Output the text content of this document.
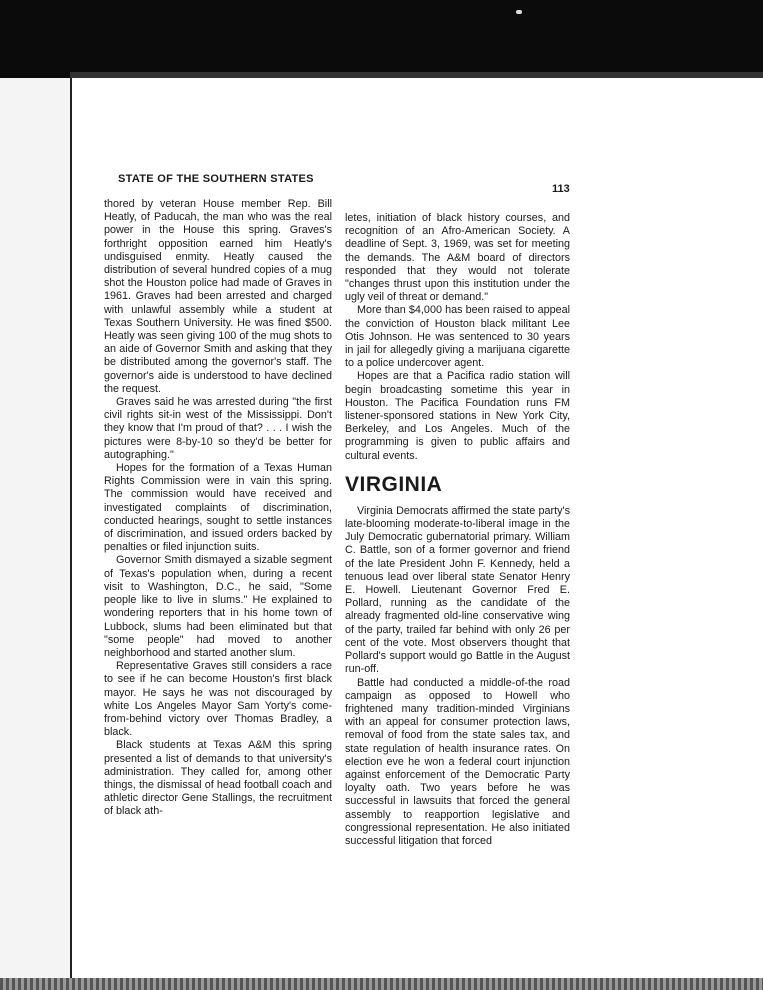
STATE OF THE SOUTHERN STATES
113

thored by veteran House member Rep. Bill Heatly, of Paducah, the man who was the real power in the House this spring. Graves's forthright opposition earned him Heatly's undisguised enmity. Heatly caused the distribution of several hundred copies of a mug shot the Houston police had made of Graves in 1961. Graves had been arrested and charged with unlawful assembly while a student at Texas Southern University. He was fined $500. Heatly was seen giving 100 of the mug shots to an aide of Governor Smith and asking that they be distributed among the governor's staff. The governor's aide is understood to have declined the request.

Graves said he was arrested during "the first civil rights sit-in west of the Mississippi. Don't they know that I'm proud of that? . . . I wish the pictures were 8-by-10 so they'd be better for autographing."

Hopes for the formation of a Texas Human Rights Commission were in vain this spring. The commission would have received and investigated complaints of discrimination, conducted hearings, sought to settle instances of discrimination, and issued orders backed by penalties or filed injunction suits.

Governor Smith dismayed a sizable segment of Texas's population when, during a recent visit to Washington, D.C., he said, "Some people like to live in slums." He explained to wondering reporters that in his home town of Lubbock, slums had been eliminated but that "some people" had moved to another neighborhood and started another slum.

Representative Graves still considers a race to see if he can become Houston's first black mayor. He says he was not discouraged by white Los Angeles Mayor Sam Yorty's come-from-behind victory over Thomas Bradley, a black.

Black students at Texas A&M this spring presented a list of demands to that university's administration. They called for, among other things, the dismissal of head football coach and athletic director Gene Stallings, the recruitment of black ath-

letes, initiation of black history courses, and recognition of an Afro-American Society. A deadline of Sept. 3, 1969, was set for meeting the demands. The A&M board of directors responded that they would not tolerate "changes thrust upon this institution under the ugly veil of threat or demand."

More than $4,000 has been raised to appeal the conviction of Houston black militant Lee Otis Johnson. He was sentenced to 30 years in jail for allegedly giving a marijuana cigarette to a police undercover agent.

Hopes are that a Pacifica radio station will begin broadcasting sometime this year in Houston. The Pacifica Foundation runs FM listener-sponsored stations in New York City, Berkeley, and Los Angeles. Much of the programming is given to public affairs and cultural events.

VIRGINIA

Virginia Democrats affirmed the state party's late-blooming moderate-to-liberal image in the July Democratic gubernatorial primary. William C. Battle, son of a former governor and friend of the late President John F. Kennedy, held a tenuous lead over liberal state Senator Henry E. Howell. Lieutenant Governor Fred E. Pollard, running as the candidate of the already fragmented old-line conservative wing of the party, trailed far behind with only 26 per cent of the vote. Most observers thought that Pollard's support would go Battle in the August run-off.

Battle had conducted a middle-of-the road campaign as opposed to Howell who frightened many tradition-minded Virginians with an appeal for consumer protection laws, removal of food from the state sales tax, and state regulation of health insurance rates. On election eve he won a federal court injunction against enforcement of the Democratic Party loyalty oath. Two years before he was successful in lawsuits that forced the general assembly to reapportion legislative and congressional representation. He also initiated successful litigation that forced
